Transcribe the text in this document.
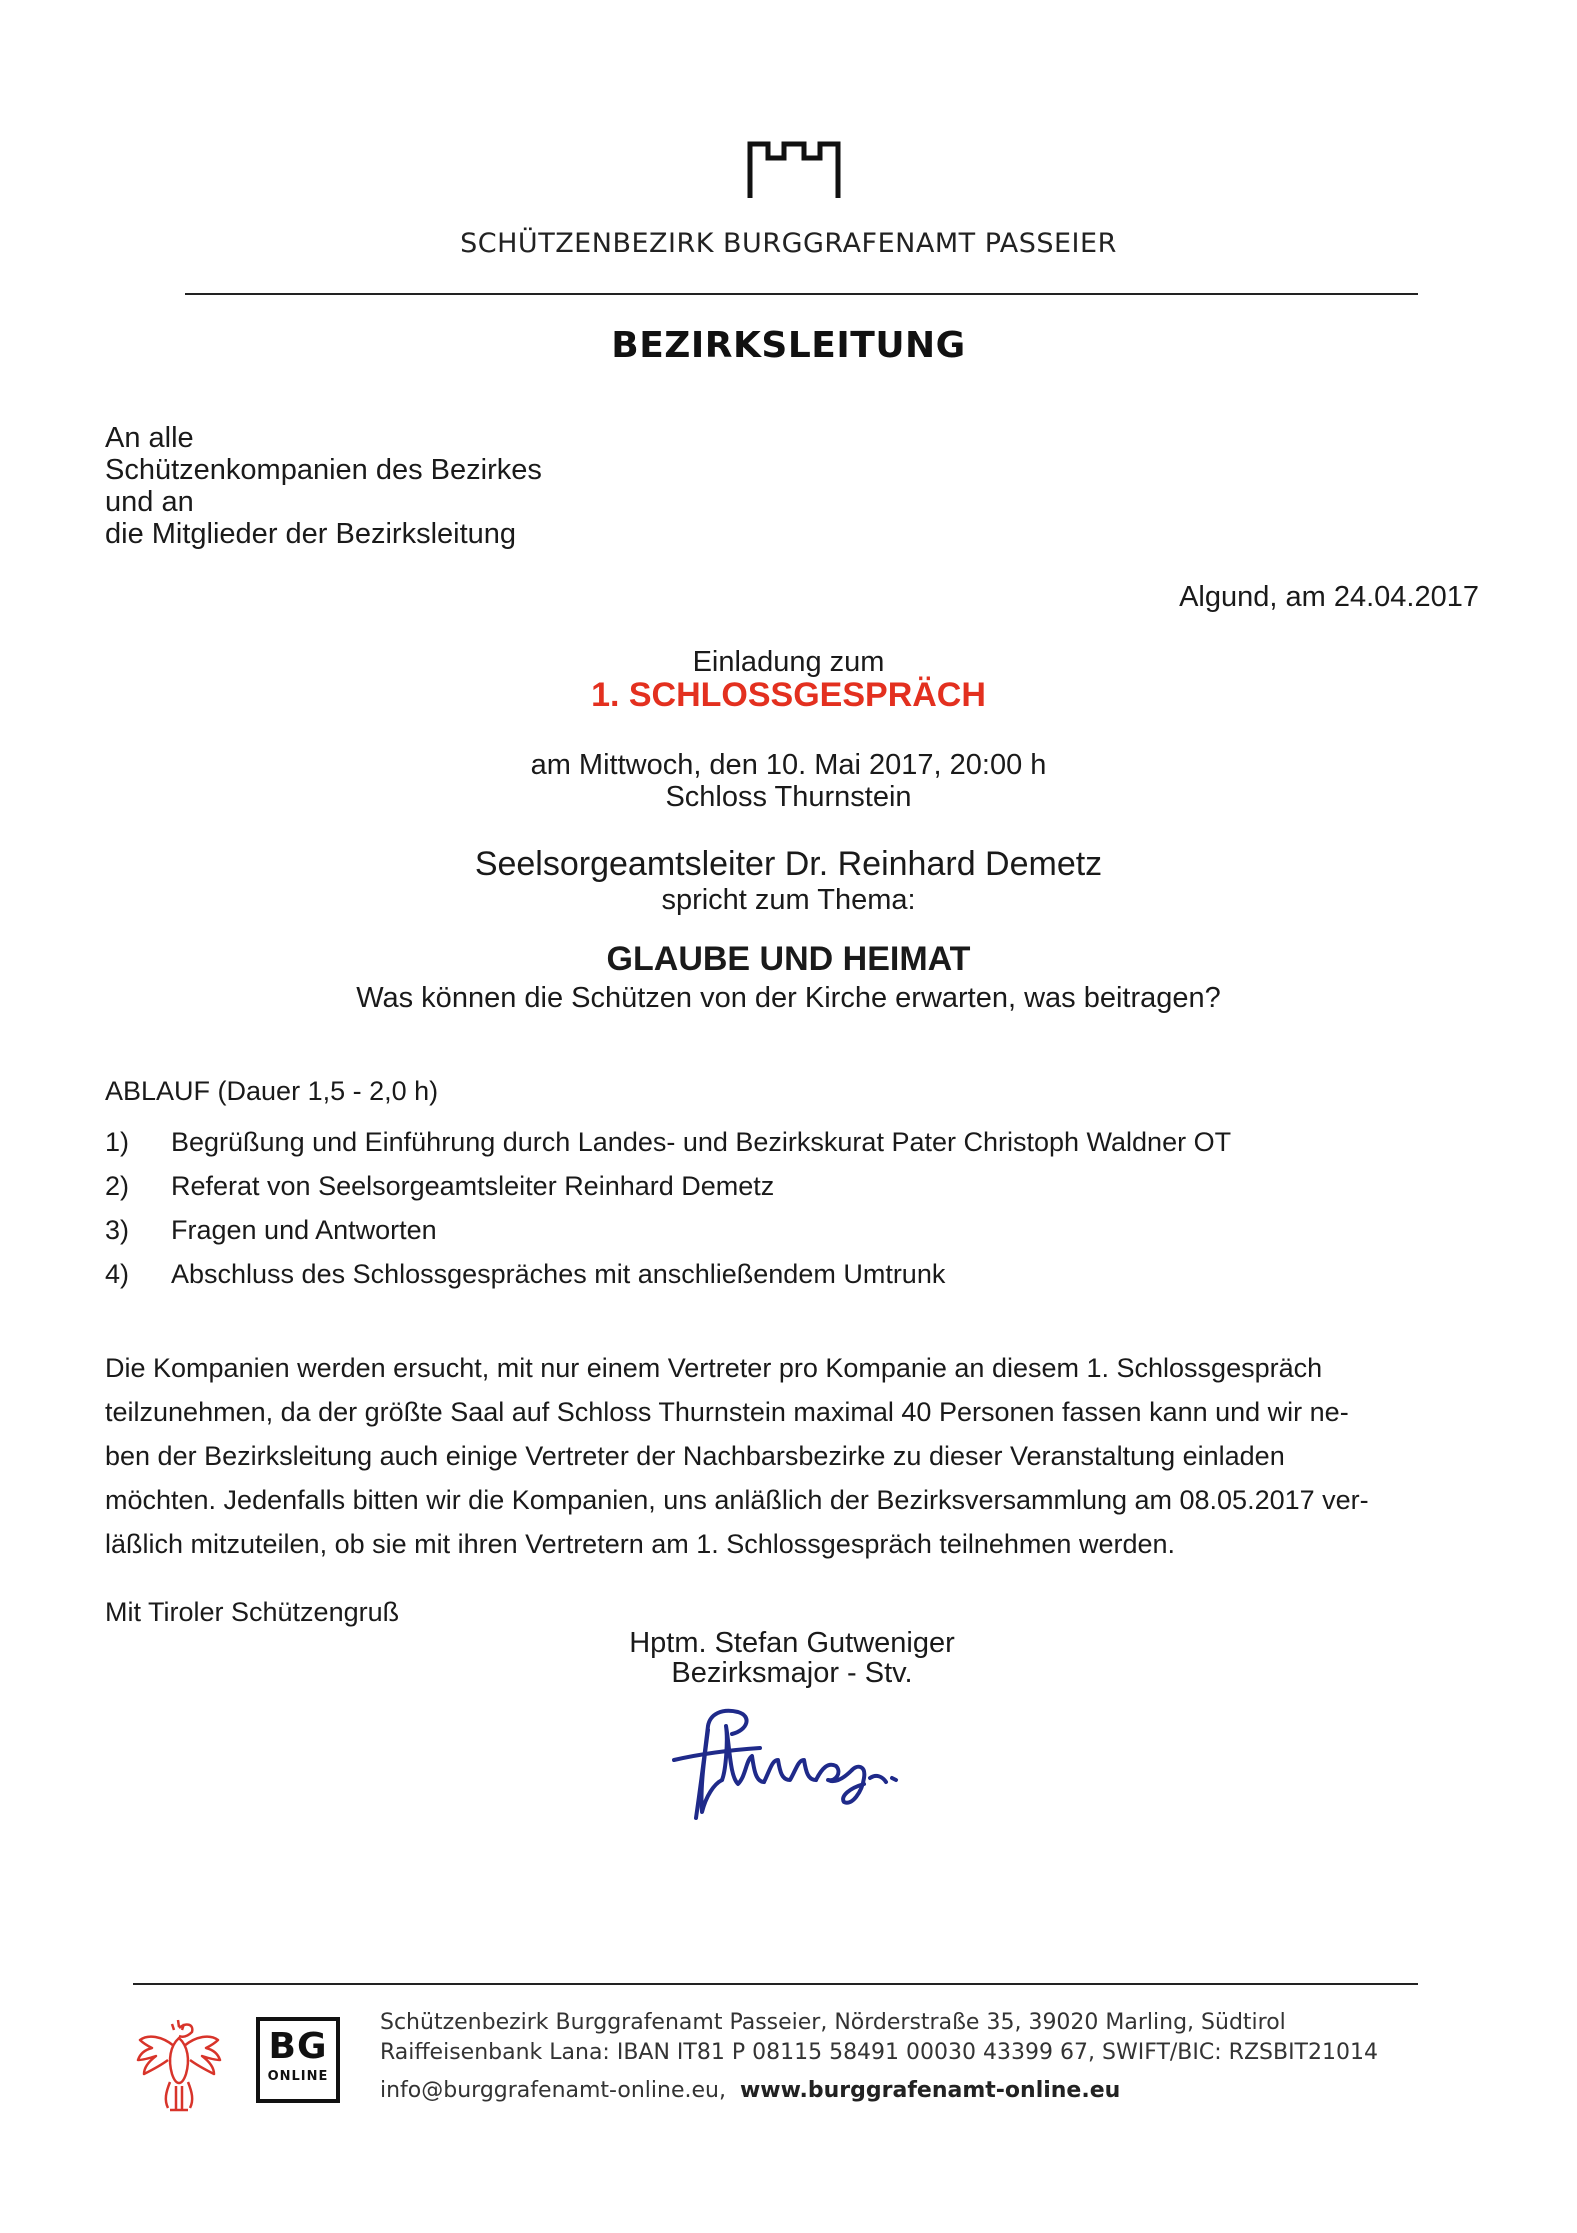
SCHÜTZENBEZIRK BURGGRAFENAMT PASSEIER
BEZIRKSLEITUNG
An alle
Schützenkompanien des Bezirkes
und an
die Mitglieder der Bezirksleitung
Algund, am 24.04.2017
Einladung zum
1. SCHLOSSGESPRÄCH
am Mittwoch, den 10. Mai 2017, 20:00 h
Schloss Thurnstein
Seelsorgeamtsleiter Dr. Reinhard Demetz
spricht zum Thema:
GLAUBE UND HEIMAT
Was können die Schützen von der Kirche erwarten, was beitragen?
ABLAUF (Dauer 1,5 - 2,0 h)
1) Begrüßung und Einführung durch Landes- und Bezirkskurat Pater Christoph Waldner OT
2) Referat von Seelsorgeamtsleiter Reinhard Demetz
3) Fragen und Antworten
4) Abschluss des Schlossgespräches mit anschließendem Umtrunk
Die Kompanien werden ersucht, mit nur einem Vertreter pro Kompanie an diesem 1. Schlossgespräch
teilzunehmen, da der größte Saal auf Schloss Thurnstein maximal 40 Personen fassen kann und wir ne-
ben der Bezirksleitung auch einige Vertreter der Nachbarsbezirke zu dieser Veranstaltung einladen
möchten. Jedenfalls bitten wir die Kompanien, uns anläßlich der Bezirksversammlung am 08.05.2017 ver-
läßlich mitzuteilen, ob sie mit ihren Vertretern am 1. Schlossgespräch teilnehmen werden.
Mit Tiroler Schützengruß
Hptm. Stefan Gutweniger
Bezirksmajor - Stv.
BG
ONLINE
Schützenbezirk Burggrafenamt Passeier, Nörderstraße 35, 39020 Marling, Südtirol
Raiffeisenbank Lana: IBAN IT81 P 08115 58491 00030 43399 67, SWIFT/BIC: RZSBIT21014
info@burggrafenamt-online.eu, www.burggrafenamt-online.eu
